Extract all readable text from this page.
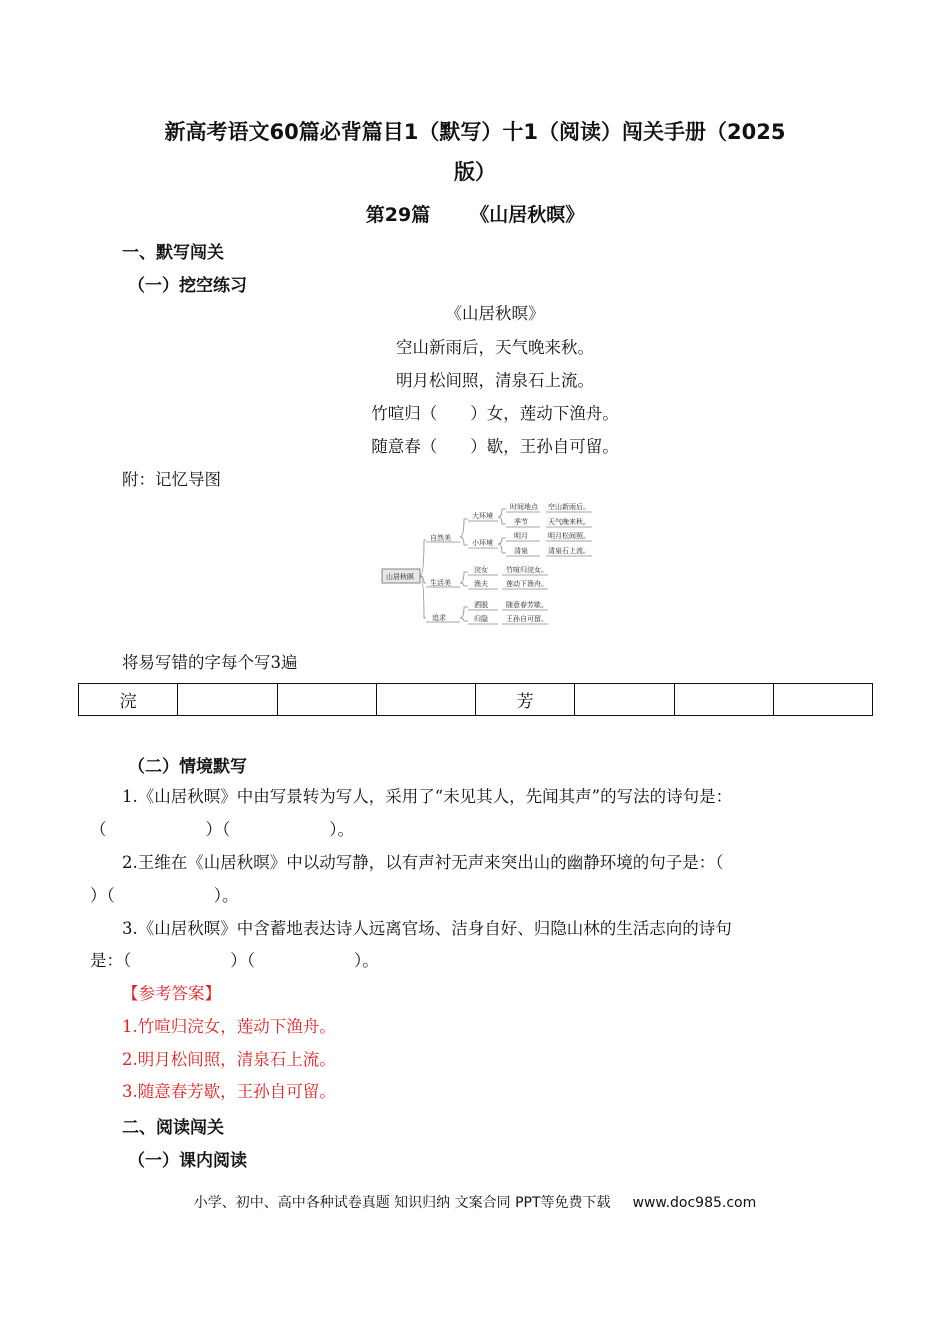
新高考语文60篇必背篇目1（默写）十1（阅读）闯关手册（2025
版）
第29篇 《山居秋暝》
一、默写闯关
（一）挖空练习
《山居秋暝》
空山新雨后，天气晚来秋。
明月松间照，清泉石上流。
竹喧归（　　）女，莲动下渔舟。
随意春（　　）歇，王孙自可留。
附：记忆导图
山居秋暝
自然美
大环境
时间地点 空山新雨后。
季节	天气晚来秋。
小环境
明月	明月松间照。
清泉	清泉石上流。
生活美
浣女	竹喧归浣女。
渔夫	莲动下渔舟。
追求
洒脱	随意春芳歇。
归隐	王孙自可留。
将易写错的字每个写3遍
浣				芳			
（二）情境默写
1.《山居秋暝》中由写景转为写人，采用了“未见其人，先闻其声”的写法的诗句是：
（　　　　　　）（　　　　　　）。
2.王维在《山居秋暝》中以动写静，以有声衬无声来突出山的幽静环境的句子是：（
）（　　　　　　）。
3.《山居秋暝》中含蓄地表达诗人远离官场、洁身自好、归隐山林的生活志向的诗句
是：（　　　　　　）（　　　　　　）。
【参考答案】
1.竹喧归浣女，莲动下渔舟。
2.明月松间照，清泉石上流。
3.随意春芳歇，王孙自可留。
二、阅读闯关
（一）课内阅读
小学、初中、高中各种试卷真题 知识归纳 文案合同 PPT等免费下载 www.doc985.com
